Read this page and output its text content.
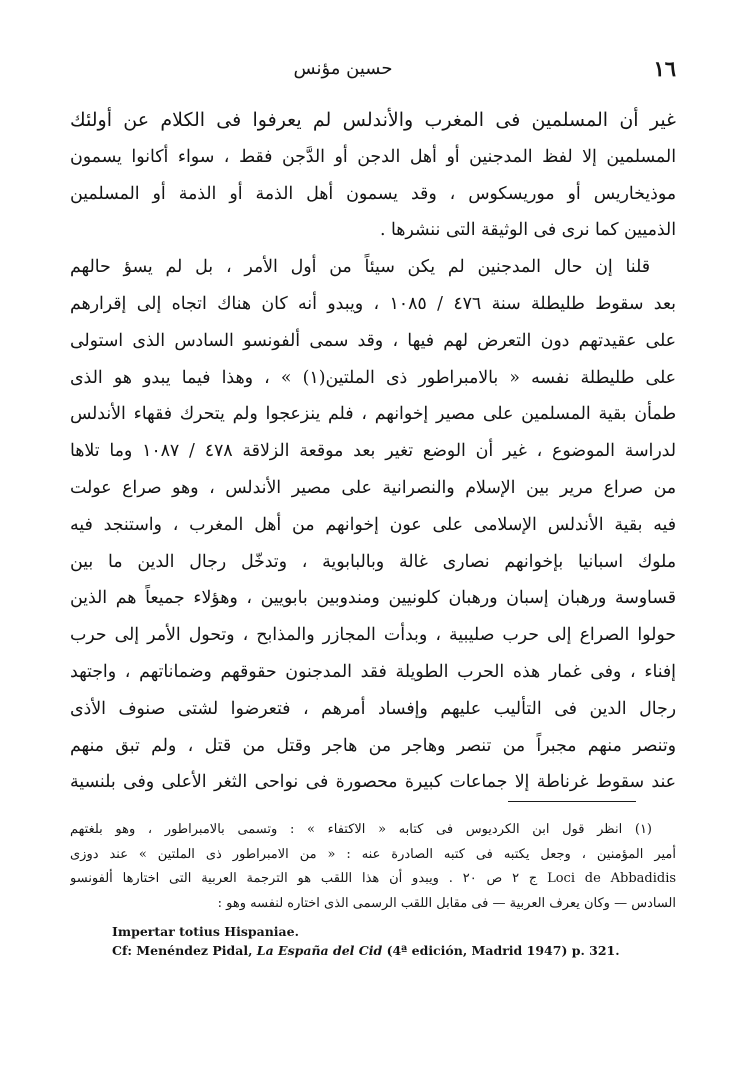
١٦
حسين مؤنس
غير أن المسلمين فى المغرب والأندلس لم يعرفوا فى الكلام عن أولئك
المسلمين إلا لفظ المدجنين أو أهل الدجن أو الدَّجن فقط ، سواء أكانوا يسمون
موذيخاريس أو موريسكوس ، وقد يسمون أهل الذمة أو الذمة أو المسلمين
الذميين كما نرى فى الوثيقة التى ننشرها .
قلنا إن حال المدجنين لم يكن سيئاً من أول الأمر ، بل لم يسؤ حالهم
بعد سقوط طليطلة سنة ٤٧٦ / ١٠٨٥ ، ويبدو أنه كان هناك اتجاه إلى إقرارهم
على عقيدتهم دون التعرض لهم فيها ، وقد سمى ألفونسو السادس الذى استولى
على طليطلة نفسه « بالامبراطور ذى الملتين(١) » ، وهذا فيما يبدو هو الذى
طمأن بقية المسلمين على مصير إخوانهم ، فلم ينزعجوا ولم يتحرك فقهاء الأندلس
لدراسة الموضوع ، غير أن الوضع تغير بعد موقعة الزلاقة ٤٧٨ / ١٠٨٧ وما تلاها
من صراع مرير بين الإسلام والنصرانية على مصير الأندلس ، وهو صراع عولت
فيه بقية الأندلس الإسلامى على عون إخوانهم من أهل المغرب ، واستنجد فيه
ملوك اسبانيا بإخوانهم نصارى غالة وبالبابوية ، وتدخّل رجال الدين ما بين
قساوسة ورهبان إسبان ورهبان كلونيين ومندوبين بابويين ، وهؤلاء جميعاً هم الذين
حولوا الصراع إلى حرب صليبية ، وبدأت المجازر والمذابح ، وتحول الأمر إلى حرب
إفناء ، وفى غمار هذه الحرب الطويلة فقد المدجنون حقوقهم وضماناتهم ، واجتهد
رجال الدين فى التأليب عليهم وإفساد أمرهم ، فتعرضوا لشتى صنوف الأذى
وتنصر منهم مجبراً من تنصر وهاجر من هاجر وقتل من قتل ، ولم تبق منهم
عند سقوط غرناطة إلا جماعات كبيرة محصورة فى نواحى الثغر الأعلى وفى بلنسية
(١) انظر قول ابن الكرديوس فى كتابه « الاكتفاء » : وتسمى بالامبراطور ، وهو بلغتهم
أمير المؤمنين ، وجعل يكتبه فى كتبه الصادرة عنه : « من الامبراطور ذى الملتين » عند دوزى
Loci de Abbadidis ج ٢ ص ٢٠ . ويبدو أن هذا اللقب هو الترجمة العربية التى اختارها ألفونسو
السادس — وكان يعرف العربية — فى مقابل اللقب الرسمى الذى اختاره لنفسه وهو :
Impertar totius Hispaniae.
Cf: Menéndez Pidal, La España del Cid (4ª edición, Madrid 1947) p. 321.
